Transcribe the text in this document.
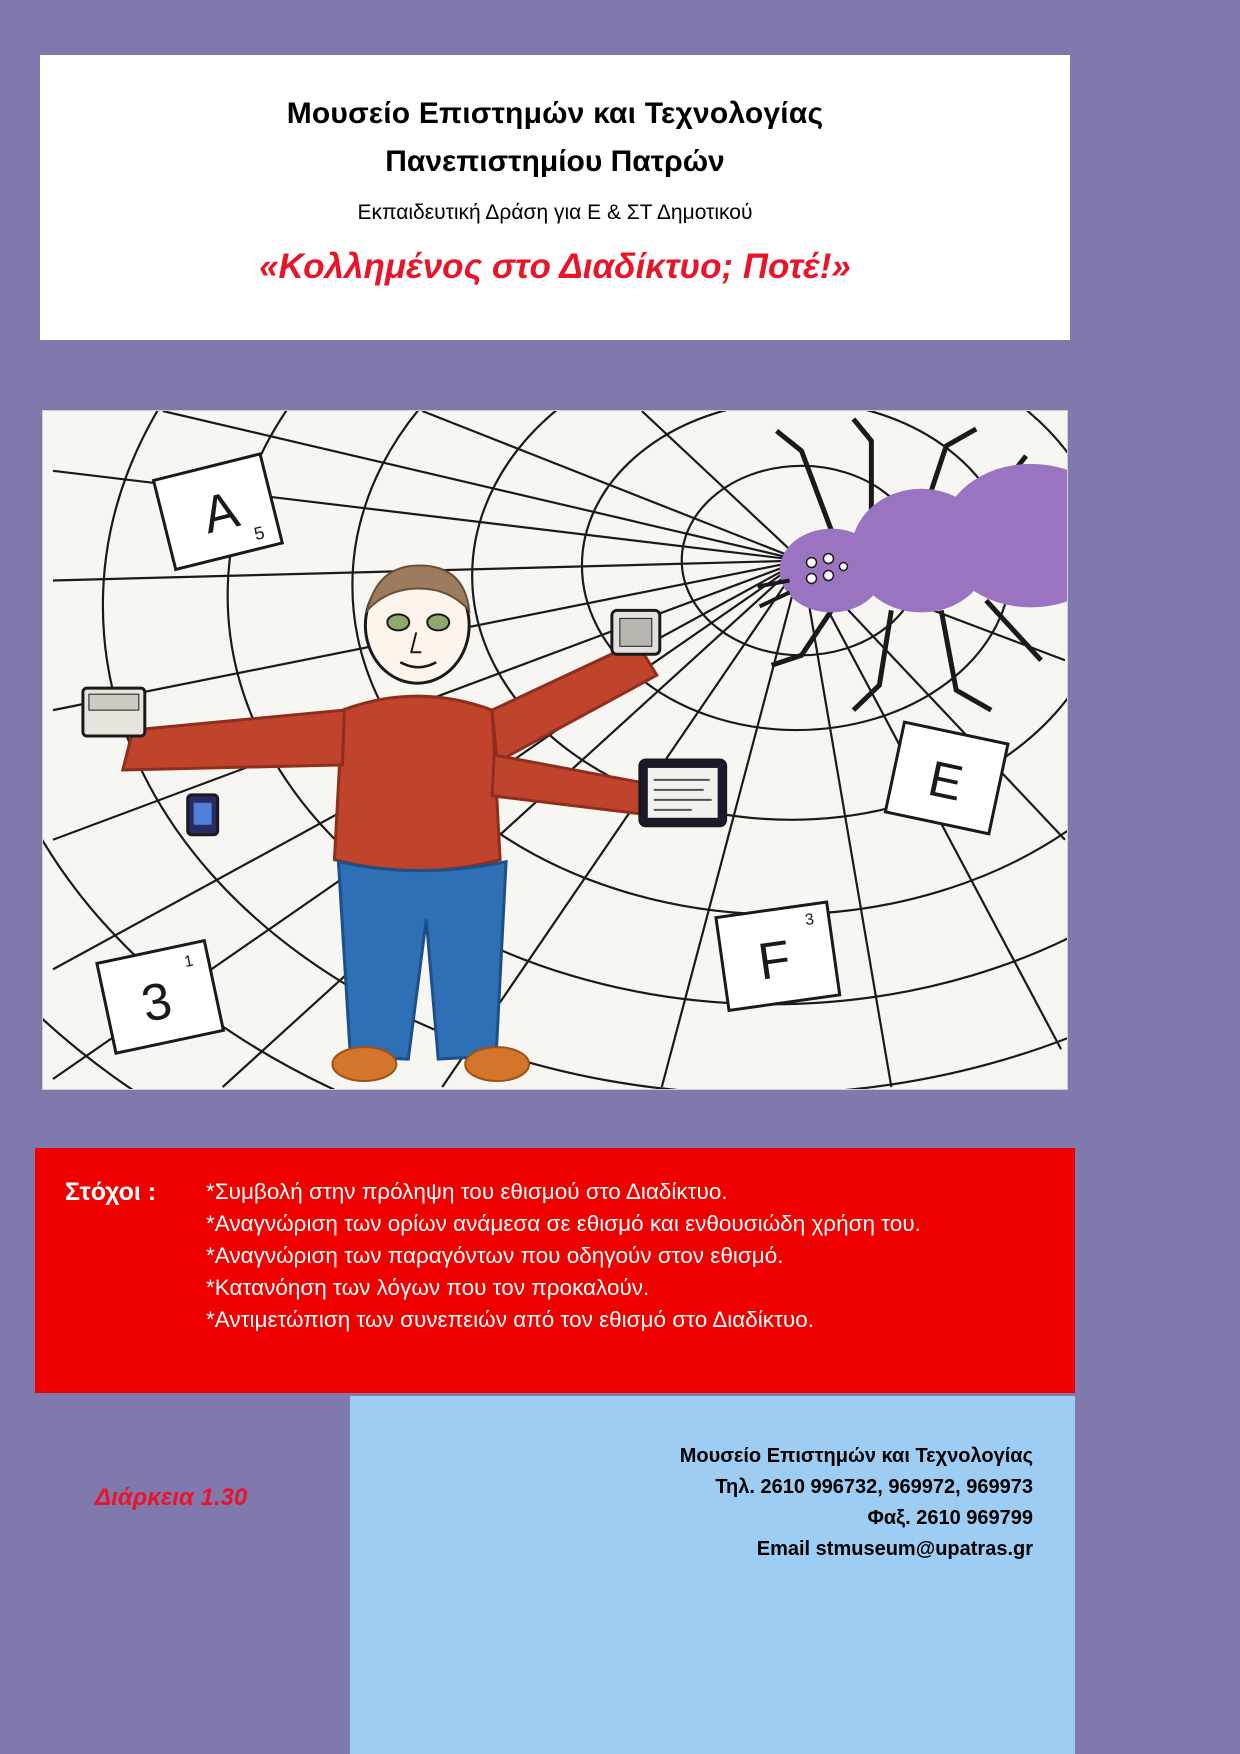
Μουσείο Επιστημών και Τεχνολογίας
Πανεπιστημίου Πατρών
Εκπαιδευτική Δράση για Ε & ΣΤ Δημοτικού
«Κολλημένος στο Διαδίκτυο; Ποτέ!»
A 5
3
1
E
F
3
Στόχοι :	*Συμβολή στην πρόληψη του εθισμού στο Διαδίκτυο.
*Αναγνώριση των ορίων ανάμεσα σε εθισμό και ενθουσιώδη χρήση του.
*Αναγνώριση των παραγόντων που οδηγούν στον εθισμό.
*Κατανόηση των λόγων που τον προκαλούν.
*Αντιμετώπιση των συνεπειών από τον εθισμό στο Διαδίκτυο.
Μουσείο Επιστημών και Τεχνολογίας
Τηλ. 2610 996732, 969972, 969973
Φαξ. 2610 969799
Email stmuseum@upatras.gr
Διάρκεια 1.30
